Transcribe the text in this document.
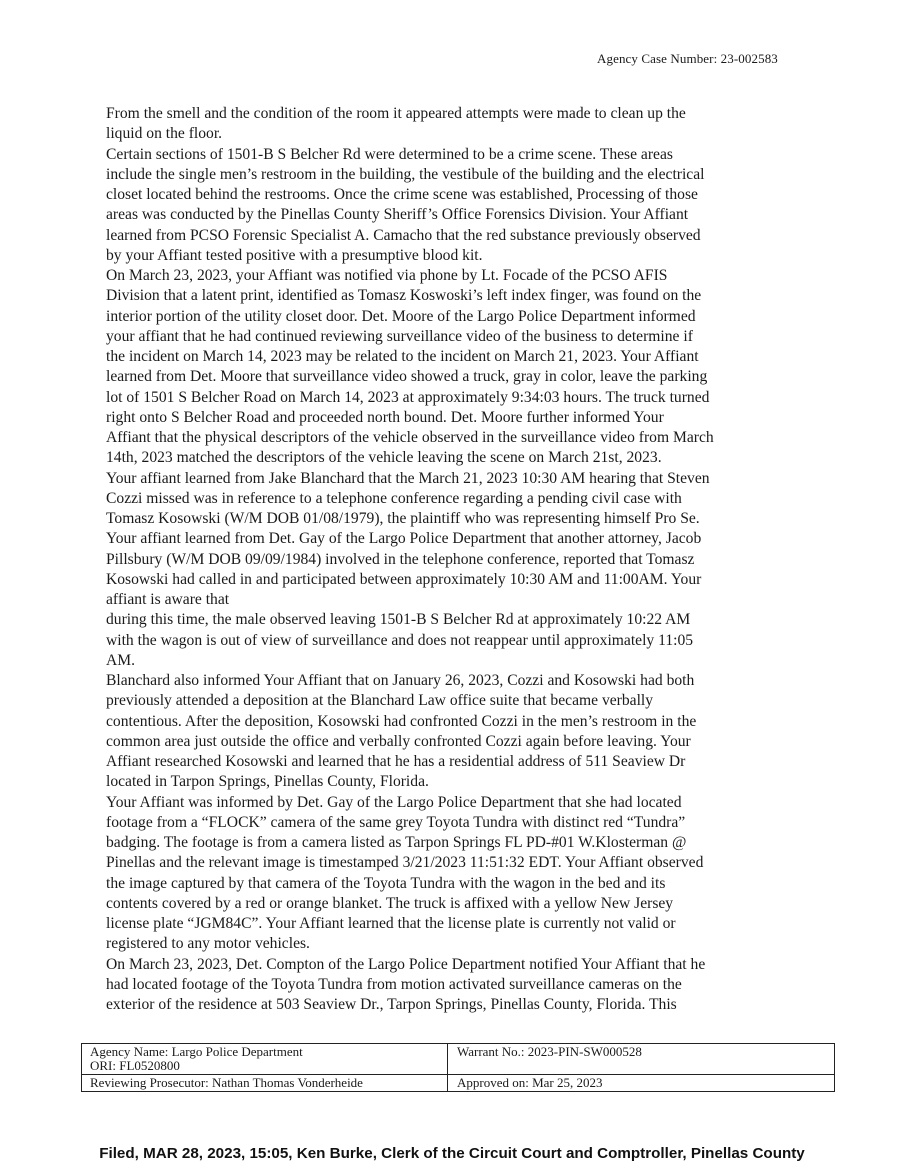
Agency Case Number: 23-002583
From the smell and the condition of the room it appeared attempts were made to clean up the
liquid on the floor.
Certain sections of 1501-B S Belcher Rd were determined to be a crime scene. These areas
include the single men’s restroom in the building, the vestibule of the building and the electrical
closet located behind the restrooms. Once the crime scene was established, Processing of those
areas was conducted by the Pinellas County Sheriff’s Office Forensics Division. Your Affiant
learned from PCSO Forensic Specialist A. Camacho that the red substance previously observed
by your Affiant tested positive with a presumptive blood kit.
On March 23, 2023, your Affiant was notified via phone by Lt. Focade of the PCSO AFIS
Division that a latent print, identified as Tomasz Koswoski’s left index finger, was found on the
interior portion of the utility closet door. Det. Moore of the Largo Police Department informed
your affiant that he had continued reviewing surveillance video of the business to determine if
the incident on March 14, 2023 may be related to the incident on March 21, 2023. Your Affiant
learned from Det. Moore that surveillance video showed a truck, gray in color, leave the parking
lot of 1501 S Belcher Road on March 14, 2023 at approximately 9:34:03 hours. The truck turned
right onto S Belcher Road and proceeded north bound. Det. Moore further informed Your
Affiant that the physical descriptors of the vehicle observed in the surveillance video from March
14th, 2023 matched the descriptors of the vehicle leaving the scene on March 21st, 2023.
Your affiant learned from Jake Blanchard that the March 21, 2023 10:30 AM hearing that Steven
Cozzi missed was in reference to a telephone conference regarding a pending civil case with
Tomasz Kosowski (W/M DOB 01/08/1979), the plaintiff who was representing himself Pro Se.
Your affiant learned from Det. Gay of the Largo Police Department that another attorney, Jacob
Pillsbury (W/M DOB 09/09/1984) involved in the telephone conference, reported that Tomasz
Kosowski had called in and participated between approximately 10:30 AM and 11:00AM. Your
affiant is aware that
during this time, the male observed leaving 1501-B S Belcher Rd at approximately 10:22 AM
with the wagon is out of view of surveillance and does not reappear until approximately 11:05
AM.
Blanchard also informed Your Affiant that on January 26, 2023, Cozzi and Kosowski had both
previously attended a deposition at the Blanchard Law office suite that became verbally
contentious. After the deposition, Kosowski had confronted Cozzi in the men’s restroom in the
common area just outside the office and verbally confronted Cozzi again before leaving. Your
Affiant researched Kosowski and learned that he has a residential address of 511 Seaview Dr
located in Tarpon Springs, Pinellas County, Florida.
Your Affiant was informed by Det. Gay of the Largo Police Department that she had located
footage from a “FLOCK” camera of the same grey Toyota Tundra with distinct red “Tundra”
badging. The footage is from a camera listed as Tarpon Springs FL PD-#01 W.Klosterman @
Pinellas and the relevant image is timestamped 3/21/2023 11:51:32 EDT. Your Affiant observed
the image captured by that camera of the Toyota Tundra with the wagon in the bed and its
contents covered by a red or orange blanket. The truck is affixed with a yellow New Jersey
license plate “JGM84C”. Your Affiant learned that the license plate is currently not valid or
registered to any motor vehicles.
On March 23, 2023, Det. Compton of the Largo Police Department notified Your Affiant that he
had located footage of the Toyota Tundra from motion activated surveillance cameras on the
exterior of the residence at 503 Seaview Dr., Tarpon Springs, Pinellas County, Florida. This
Agency Name: Largo Police Department
ORI: FL0520800	Warrant No.: 2023-PIN-SW000528
Reviewing Prosecutor: Nathan Thomas Vonderheide	Approved on: Mar 25, 2023
Filed, MAR 28, 2023, 15:05, Ken Burke, Clerk of the Circuit Court and Comptroller, Pinellas County
